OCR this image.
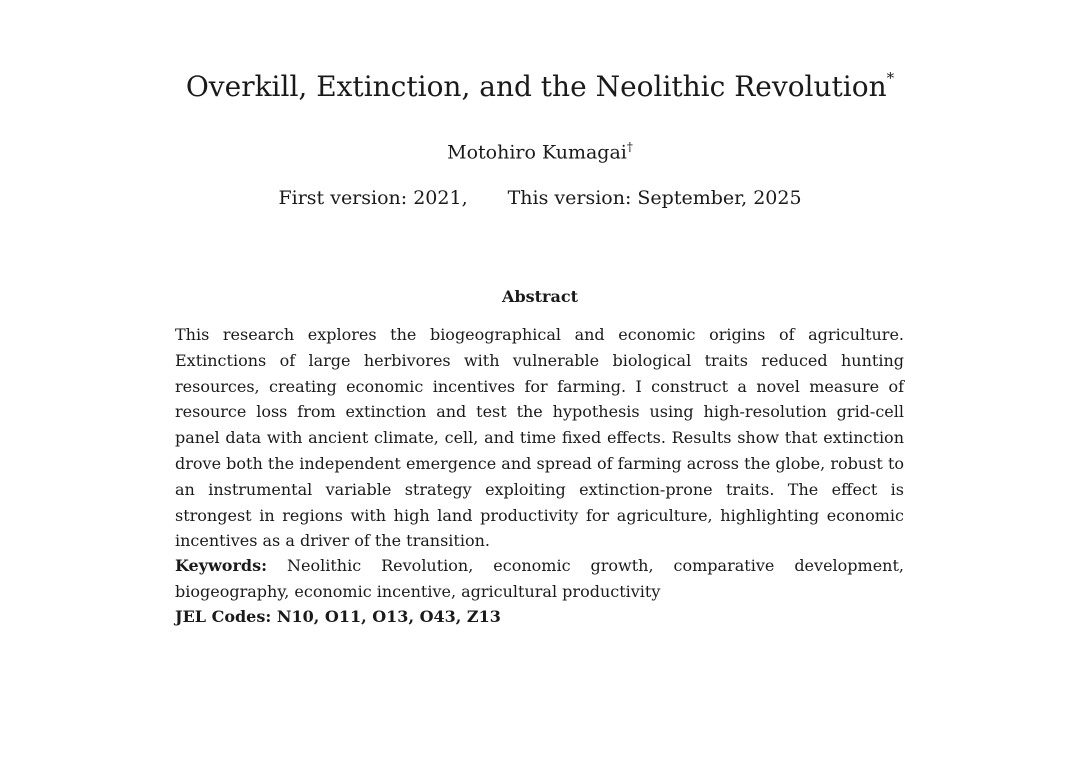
Overkill, Extinction, and the Neolithic Revolution*
Motohiro Kumagai†
First version: 2021, This version: September, 2025
Abstract
This research explores the biogeographical and economic origins of agriculture. Extinctions of large herbivores with vulnerable biological traits reduced hunting resources, creating economic incentives for farming. I construct a novel measure of resource loss from extinction and test the hypothesis using high-resolution grid-cell panel data with ancient climate, cell, and time fixed effects. Results show that extinction drove both the independent emergence and spread of farming across the globe, robust to an instrumental variable strategy exploiting extinction-prone traits. The effect is strongest in regions with high land productivity for agriculture, highlighting economic incentives as a driver of the transition.
Keywords: Neolithic Revolution, economic growth, comparative development, biogeography, economic incentive, agricultural productivity
JEL Codes: N10, O11, O13, O43, Z13
